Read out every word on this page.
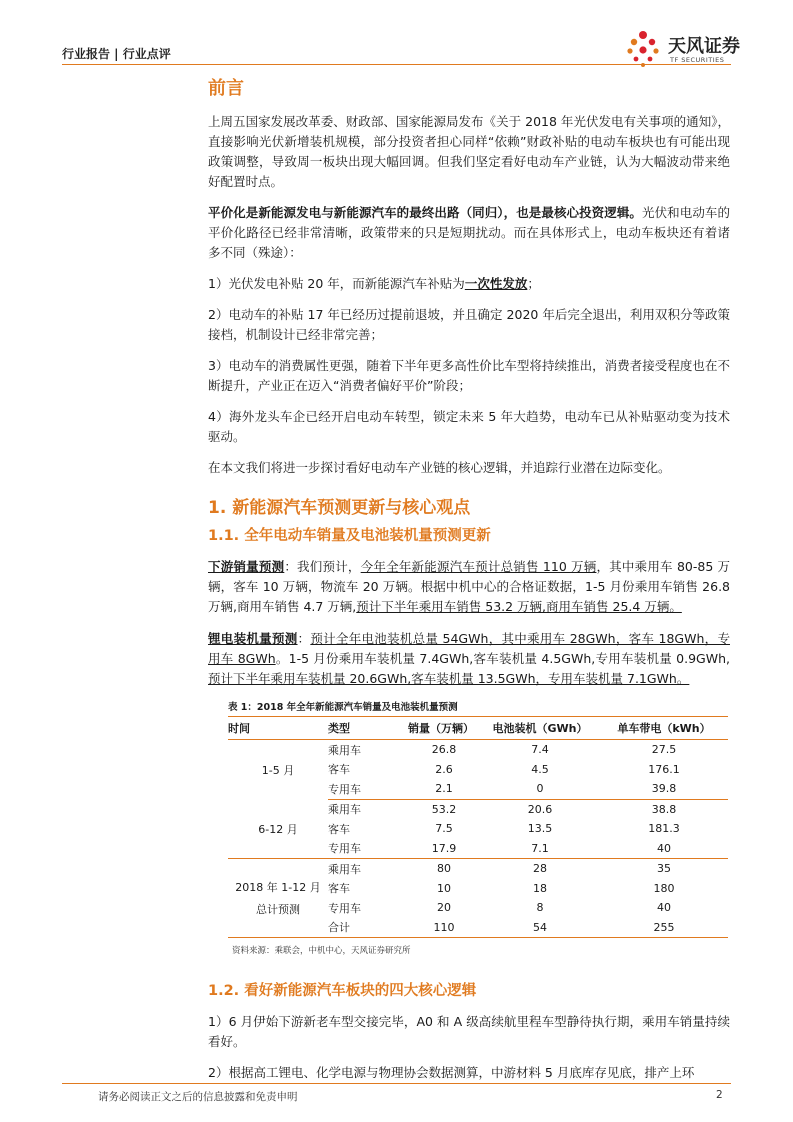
行业报告 | 行业点评	天风证券
TF SECURITIES
前言

上周五国家发展改革委、财政部、国家能源局发布《关于 2018 年光伏发电有关事项的通知》，直接影响光伏新增装机规模，部分投资者担心同样“依赖”财政补贴的电动车板块也有可能出现政策调整，导致周一板块出现大幅回调。但我们坚定看好电动车产业链，认为大幅波动带来绝好配置时点。

平价化是新能源发电与新能源汽车的最终出路（同归），也是最核心投资逻辑。光伏和电动车的平价化路径已经非常清晰，政策带来的只是短期扰动。而在具体形式上，电动车板块还有着诸多不同（殊途）：

1）光伏发电补贴 20 年，而新能源汽车补贴为一次性发放；

2）电动车的补贴 17 年已经历过提前退坡，并且确定 2020 年后完全退出，利用双积分等政策接档，机制设计已经非常完善；

3）电动车的消费属性更强，随着下半年更多高性价比车型将持续推出，消费者接受程度也在不断提升，产业正在迈入“消费者偏好平价”阶段；

4）海外龙头车企已经开启电动车转型，锁定未来 5 年大趋势，电动车已从补贴驱动变为技术驱动。

在本文我们将进一步探讨看好电动车产业链的核心逻辑，并追踪行业潜在边际变化。

1. 新能源汽车预测更新与核心观点
1.1. 全年电动车销量及电池装机量预测更新

下游销量预测：我们预计，今年全年新能源汽车预计总销售 110 万辆，其中乘用车 80-85 万辆，客车 10 万辆，物流车 20 万辆。根据中机中心的合格证数据，1-5 月份乘用车销售 26.8 万辆,商用车销售 4.7 万辆,预计下半年乘用车销售 53.2 万辆,商用车销售 25.4 万辆。

锂电装机量预测：预计全年电池装机总量 54GWh，其中乘用车 28GWh，客车 18GWh，专用车 8GWh。1-5 月份乘用车装机量 7.4GWh,客车装机量 4.5GWh,专用车装机量 0.9GWh,预计下半年乘用车装机量 20.6GWh,客车装机量 13.5GWh，专用车装机量 7.1GWh。

表 1：2018 年全年新能源汽车销量及电池装机量预测
时间	类型	销量（万辆）	电池装机（GWh）	单车带电（kWh）
1-5 月	乘用车	26.8	7.4	27.5
	客车	2.6	4.5	176.1
	专用车	2.1	0	39.8
6-12 月	乘用车	53.2	20.6	38.8
	客车	7.5	13.5	181.3
	专用车	17.9	7.1	40

2018 年 1-12 月
总计预测	乘用车	80	28	35
	客车	10	18	180
	专用车	20	8	40
	合计	110	54	255
资料来源：乘联会，中机中心，天风证券研究所
1.2. 看好新能源汽车板块的四大核心逻辑

1）6 月伊始下游新老车型交接完毕，A0 和 A 级高续航里程车型静待执行期，乘用车销量持续看好。

2）根据高工锂电、化学电源与物理协会数据测算，中游材料 5 月底库存见底，排产上环

请务必阅读正文之后的信息披露和免责申明	2
